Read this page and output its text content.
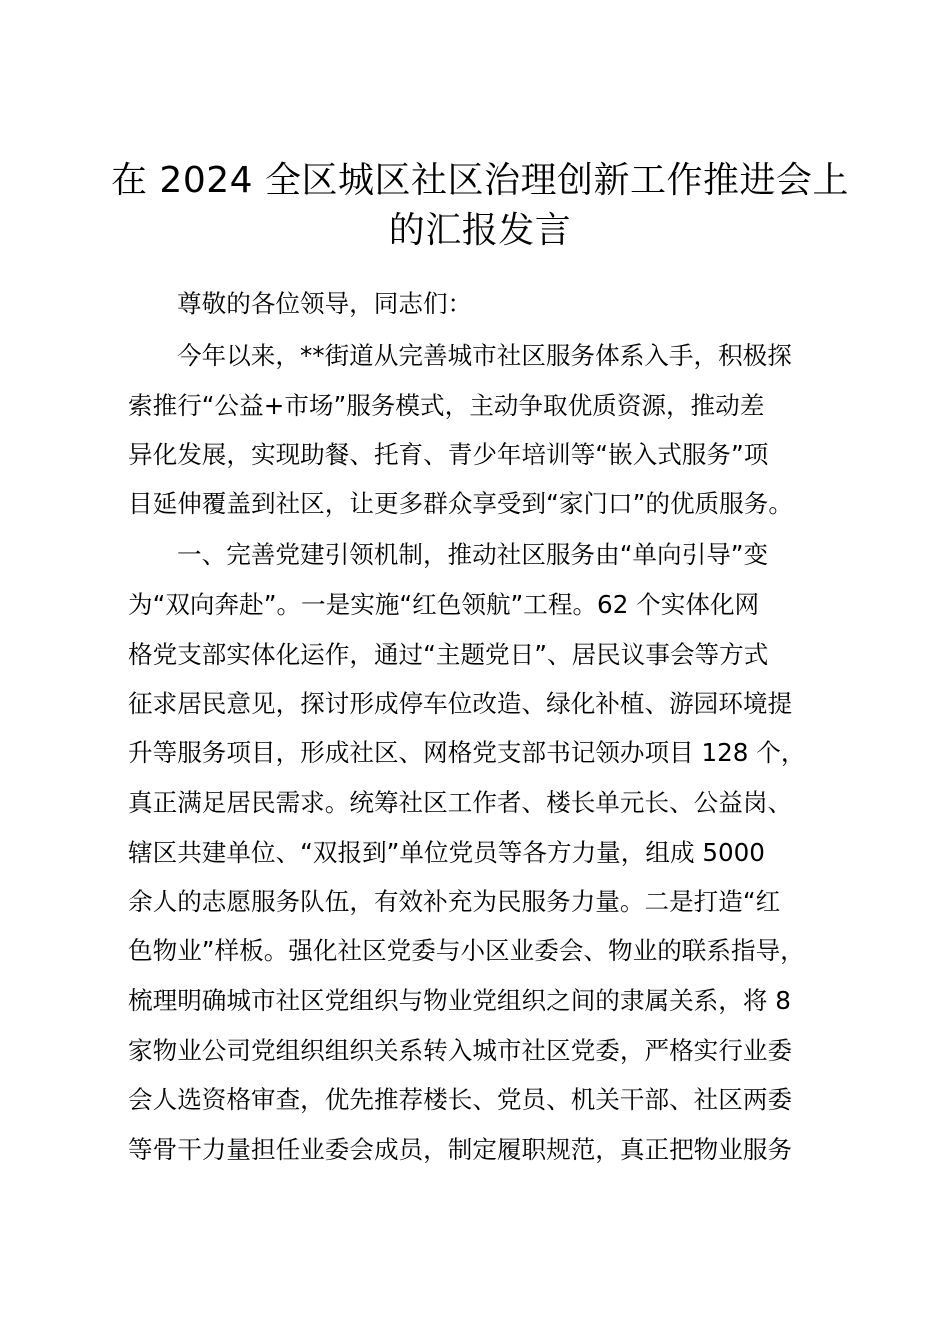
在 2024 全区城区社区治理创新工作推进会上
的汇报发言

尊敬的各位领导，同志们：

今年以来，**街道从完善城市社区服务体系入手，积极探

索推行“公益+市场”服务模式，主动争取优质资源，推动差

异化发展，实现助餐、托育、青少年培训等“嵌入式服务”项

目延伸覆盖到社区，让更多群众享受到“家门口”的优质服务。

一、完善党建引领机制，推动社区服务由“单向引导”变

为“双向奔赴”。一是实施“红色领航”工程。62 个实体化网

格党支部实体化运作，通过“主题党日”、居民议事会等方式

征求居民意见，探讨形成停车位改造、绿化补植、游园环境提

升等服务项目，形成社区、网格党支部书记领办项目 128 个，

真正满足居民需求。统筹社区工作者、楼长单元长、公益岗、

辖区共建单位、“双报到”单位党员等各方力量，组成 5000

余人的志愿服务队伍，有效补充为民服务力量。二是打造“红

色物业”样板。强化社区党委与小区业委会、物业的联系指导，

梳理明确城市社区党组织与物业党组织之间的隶属关系，将 8

家物业公司党组织组织关系转入城市社区党委，严格实行业委

会人选资格审查，优先推荐楼长、党员、机关干部、社区两委

等骨干力量担任业委会成员，制定履职规范，真正把物业服务
